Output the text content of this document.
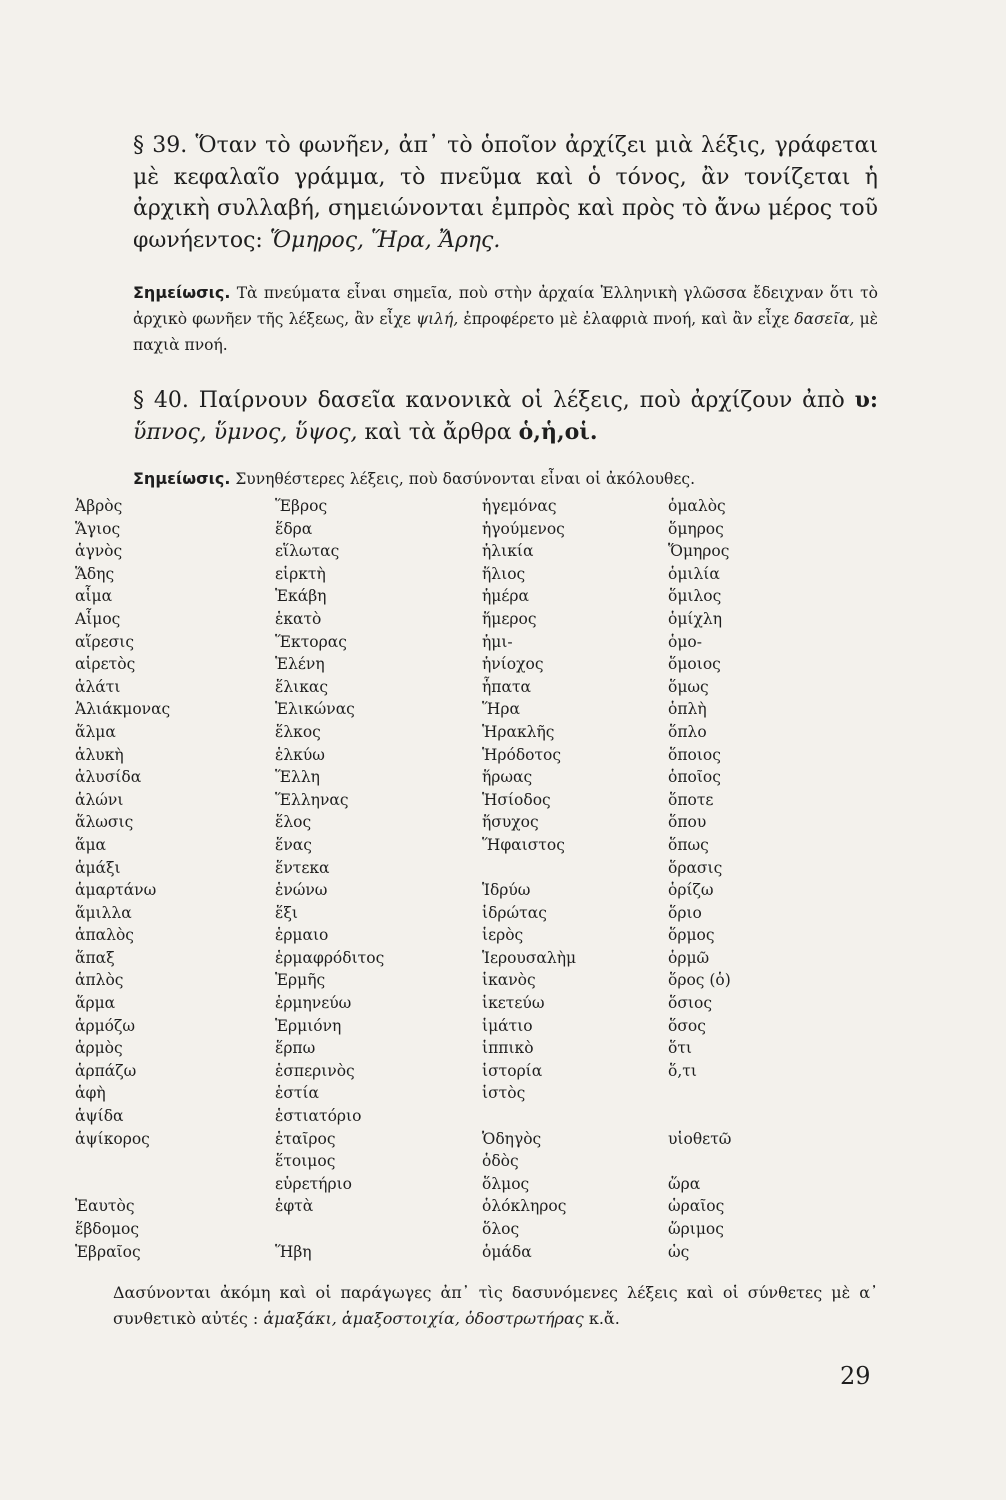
§ 39. Ὅταν τὸ φωνῆεν, ἀπ᾿ τὸ ὁποῖον ἀρχίζει μιὰ λέξις, γράφεται μὲ κεφαλαῖο γράμμα, τὸ πνεῦμα καὶ ὁ τόνος, ἂν τονίζεται ἡ ἀρχικὴ συλλαβή, σημειώνονται ἐμπρὸς καὶ πρὸς τὸ ἄνω μέρος τοῦ φωνήεντος: Ὅμηρος, Ἥρα, Ἄρης.

Σημείωσις. Τὰ πνεύματα εἶναι σημεῖα, ποὺ στὴν ἀρχαία Ἑλληνικὴ γλῶσσα ἔδειχναν ὅτι τὸ ἀρχικὸ φωνῆεν τῆς λέξεως, ἂν εἶχε ψιλή, ἐπροφέρετο μὲ ἐλαφριὰ πνοή, καὶ ἂν εἶχε δασεῖα, μὲ παχιὰ πνοή.

§ 40. Παίρνουν δασεῖα κανονικὰ οἱ λέξεις, ποὺ ἀρχίζουν ἀπὸ υ: ὕπνος, ὕμνος, ὕψος, καὶ τὰ ἄρθρα ὁ,ἡ,οἱ.

Σημείωσις. Συνηθέστερες λέξεις, ποὺ δασύνονται εἶναι οἱ ἀκόλουθες.

Ἁβρὸς
Ἅγιος
ἁγνὸς
Ἅδης
αἷμα
Αἷμος
αἵρεσις
αἱρετὸς
ἁλάτι
Ἁλιάκμονας
ἅλμα
ἁλυκὴ
ἁλυσίδα
ἁλώνι
ἅλωσις
ἅμα
ἁμάξι
ἁμαρτάνω
ἅμιλλα
ἁπαλὸς
ἅπαξ
ἁπλὸς
ἅρμα
ἁρμόζω
ἁρμὸς
ἁρπάζω
ἁφὴ
ἁψίδα
ἁψίκορος
Ἑαυτὸς
ἕβδομος
Ἑβραῖος
Ἕβρος
ἕδρα
εἵλωτας
εἱρκτὴ
Ἑκάβη
ἑκατὸ
Ἕκτορας
Ἑλένη
ἕλικας
Ἑλικώνας
ἕλκος
ἑλκύω
Ἕλλη
Ἕλληνας
ἕλος
ἕνας
ἕντεκα
ἑνώνω
ἕξι
ἑρμαιο
ἑρμαφρόδιτος
Ἑρμῆς
ἑρμηνεύω
Ἑρμιόνη
ἕρπω
ἑσπερινὸς
ἑστία
ἑστιατόριο
ἑταῖρος
ἕτοιμος
εὑρετήριο
ἑφτὰ
Ἥβη
ἡγεμόνας
ἡγούμενος
ἡλικία
ἥλιος
ἡμέρα
ἥμερος
ἡμι-
ἡνίοχος
ἧπατα
Ἥρα
Ἡρακλῆς
Ἡρόδοτος
ἥρωας
Ἡσίοδος
ἥσυχος
Ἥφαιστος
Ἱδρύω
ἱδρώτας
ἱερὸς
Ἱερουσαλὴμ
ἱκανὸς
ἱκετεύω
ἱμάτιο
ἱππικὸ
ἱστορία
ἱστὸς
Ὁδηγὸς
ὁδὸς
ὅλμος
ὁλόκληρος
ὅλος
ὁμάδα
ὁμαλὸς
ὅμηρος
Ὅμηρος
ὁμιλία
ὅμιλος
ὁμίχλη
ὁμο-
ὅμοιος
ὅμως
ὁπλὴ
ὅπλο
ὅποιος
ὁποῖος
ὅποτε
ὅπου
ὅπως
ὅρασις
ὁρίζω
ὅριο
ὅρμος
ὁρμῶ
ὅρος (ὁ)
ὅσιος
ὅσος
ὅτι
ὅ,τι
υἱοθετῶ
ὥρα
ὡραῖος
ὥριμος
ὡς

Δασύνονται ἀκόμη καὶ οἱ παράγωγες ἀπ᾿ τὶς δασυνόμενες λέξεις καὶ οἱ σύνθετες μὲ α᾿ συνθετικὸ αὐτές : ἁμαξάκι, ἁμαξοστοιχία, ὁδοστρωτήρας κ.ἄ.

29
